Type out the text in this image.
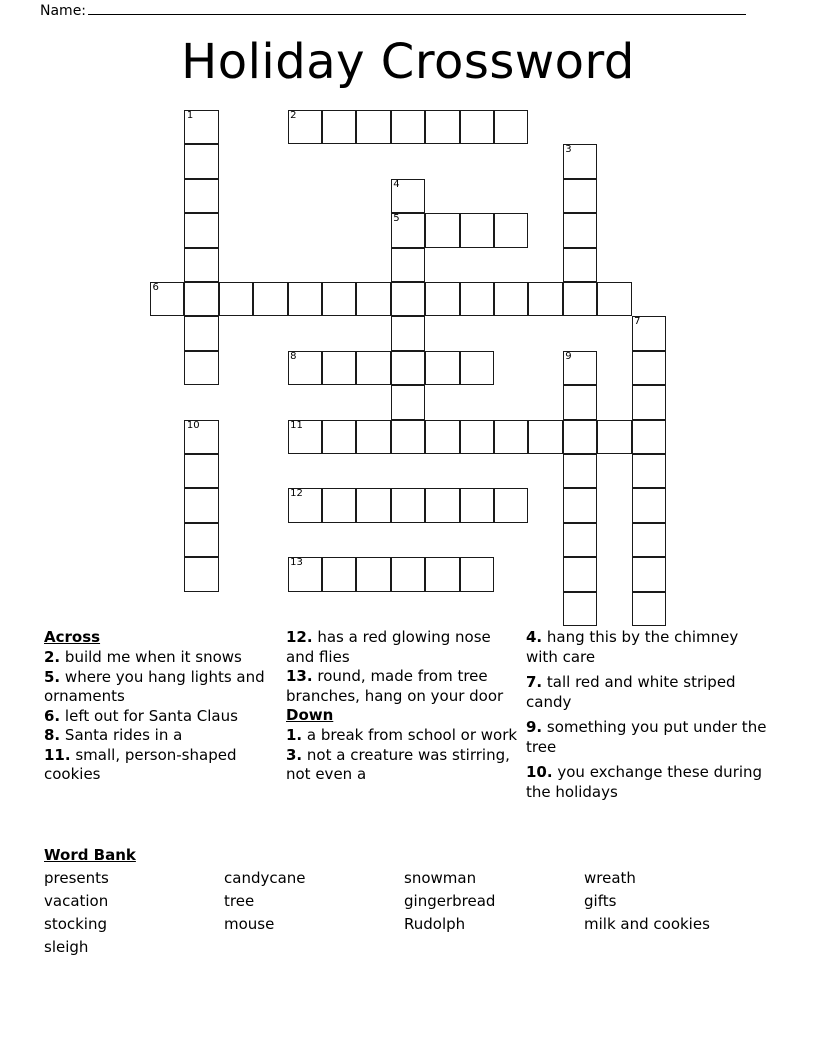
Name:
Holiday Crossword
1	2
3
4
5
6
7
8	9
10	11
12
13
Across

2. build me when it snows

5. where you hang lights and ornaments

6. left out for Santa Claus

8. Santa rides in a

11. small, person-shaped cookies

12. has a red glowing nose and flies

13. round, made from tree branches, hang on your door

Down

1. a break from school or work

3. not a creature was stirring, not even a

4. hang this by the chimney with care

7. tall red and white striped candy

9. something you put under the tree

10. you exchange these during the holidays

Word Bank
presents
vacation
stocking
sleigh
candycane
tree
mouse
snowman
gingerbread
Rudolph
wreath
gifts
milk and cookies
